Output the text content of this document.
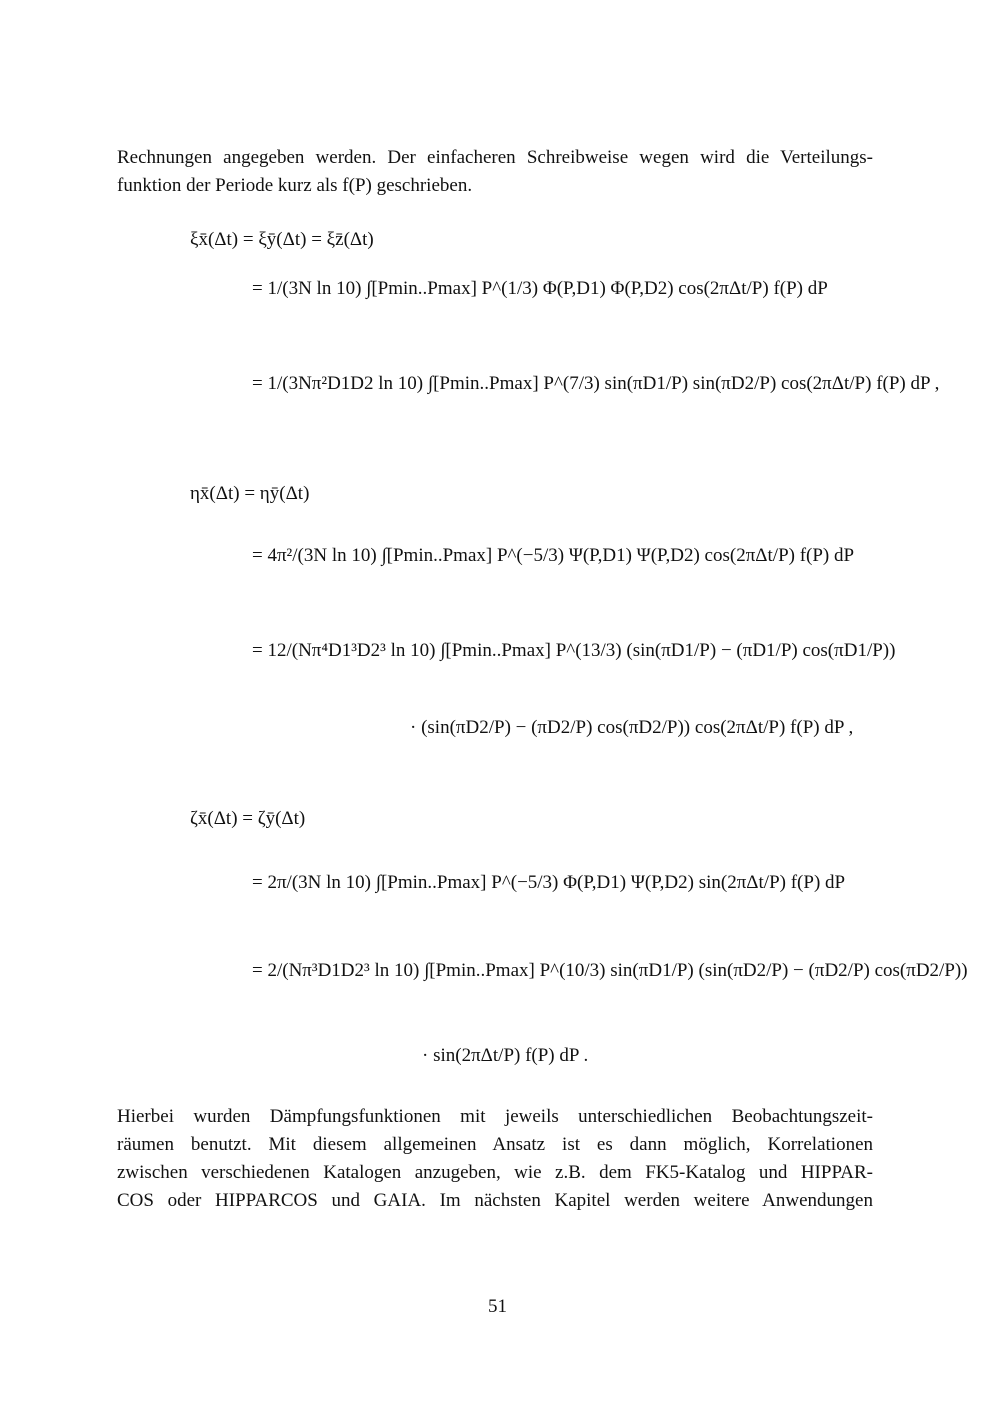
Rechnungen angegeben werden. Der einfacheren Schreibweise wegen wird die Verteilungs-
funktion der Periode kurz als f(P) geschrieben.
ξx̄(Δt) = ξȳ(Δt) = ξz̄(Δt)
= 1/(3N ln 10) ∫[Pmin..Pmax] P^(1/3) Φ(P,D1) Φ(P,D2) cos(2πΔt/P) f(P) dP
= 1/(3Nπ²D1D2 ln 10) ∫[Pmin..Pmax] P^(7/3) sin(πD1/P) sin(πD2/P) cos(2πΔt/P) f(P) dP ,
ηx̄(Δt) = ηȳ(Δt)
= 4π²/(3N ln 10) ∫[Pmin..Pmax] P^(−5/3) Ψ(P,D1) Ψ(P,D2) cos(2πΔt/P) f(P) dP
= 12/(Nπ⁴D1³D2³ ln 10) ∫[Pmin..Pmax] P^(13/3) (sin(πD1/P) − (πD1/P) cos(πD1/P))
· (sin(πD2/P) − (πD2/P) cos(πD2/P)) cos(2πΔt/P) f(P) dP ,
ζx̄(Δt) = ζȳ(Δt)
= 2π/(3N ln 10) ∫[Pmin..Pmax] P^(−5/3) Φ(P,D1) Ψ(P,D2) sin(2πΔt/P) f(P) dP
= 2/(Nπ³D1D2³ ln 10) ∫[Pmin..Pmax] P^(10/3) sin(πD1/P) (sin(πD2/P) − (πD2/P) cos(πD2/P))
· sin(2πΔt/P) f(P) dP .
Hierbei wurden Dämpfungsfunktionen mit jeweils unterschiedlichen Beobachtungszeit-
räumen benutzt. Mit diesem allgemeinen Ansatz ist es dann möglich, Korrelationen
zwischen verschiedenen Katalogen anzugeben, wie z.B. dem FK5-Katalog und HIPPAR-
COS oder HIPPARCOS und GAIA. Im nächsten Kapitel werden weitere Anwendungen
51
